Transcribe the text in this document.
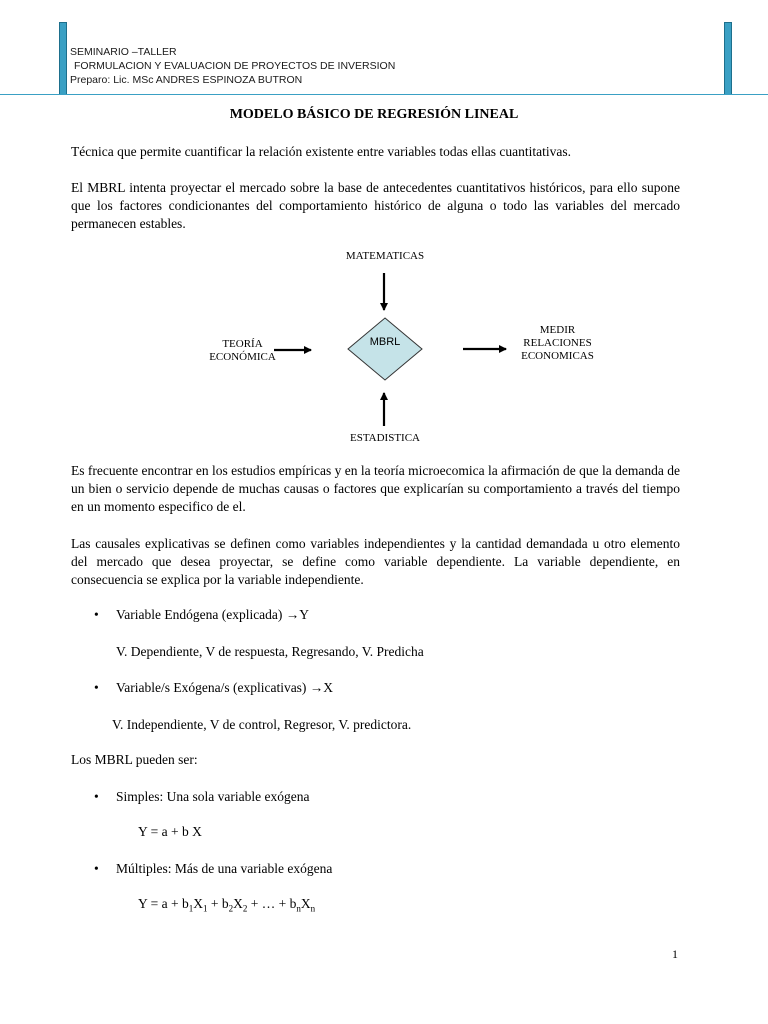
SEMINARIO –TALLER
FORMULACION Y EVALUACION DE PROYECTOS DE INVERSION
Preparo: Lic. MSc ANDRES ESPINOZA BUTRON
MODELO BÁSICO DE REGRESIÓN LINEAL

Técnica que permite cuantificar la relación existente entre variables todas ellas cuantitativas.

El MBRL intenta proyectar el mercado sobre la base de antecedentes cuantitativos históricos, para ello supone que los factores condicionantes del comportamiento histórico de alguna o todo las variables del mercado permanecen estables.

MATEMATICAS
TEORÍA
ECONÓMICA
MEDIR
RELACIONES
ECONOMICAS
ESTADISTICA
MBRL

Es frecuente encontrar en los estudios empíricas y en la teoría microecomica la afirmación de que la demanda de un bien o servicio depende de muchas causas o factores que explicarían su comportamiento a través del tiempo en un momento especifico de el.

Las causales explicativas se definen como variables independientes y la cantidad demandada u otro elemento del mercado que desea proyectar, se define como variable dependiente. La variable dependiente, en consecuencia se explica por la variable independiente.

• Variable Endógena (explicada) →Y
V. Dependiente, V de respuesta, Regresando, V. Predicha
• Variable/s Exógena/s (explicativas) →X
V. Independiente, V de control, Regresor, V. predictora.
Los MBRL pueden ser:
• Simples: Una sola variable exógena
Y = a + b X
• Múltiples: Más de una variable exógena
$Y = a + b_1X_1 + b_2X_2$ + … + $b_nX_n$
1
